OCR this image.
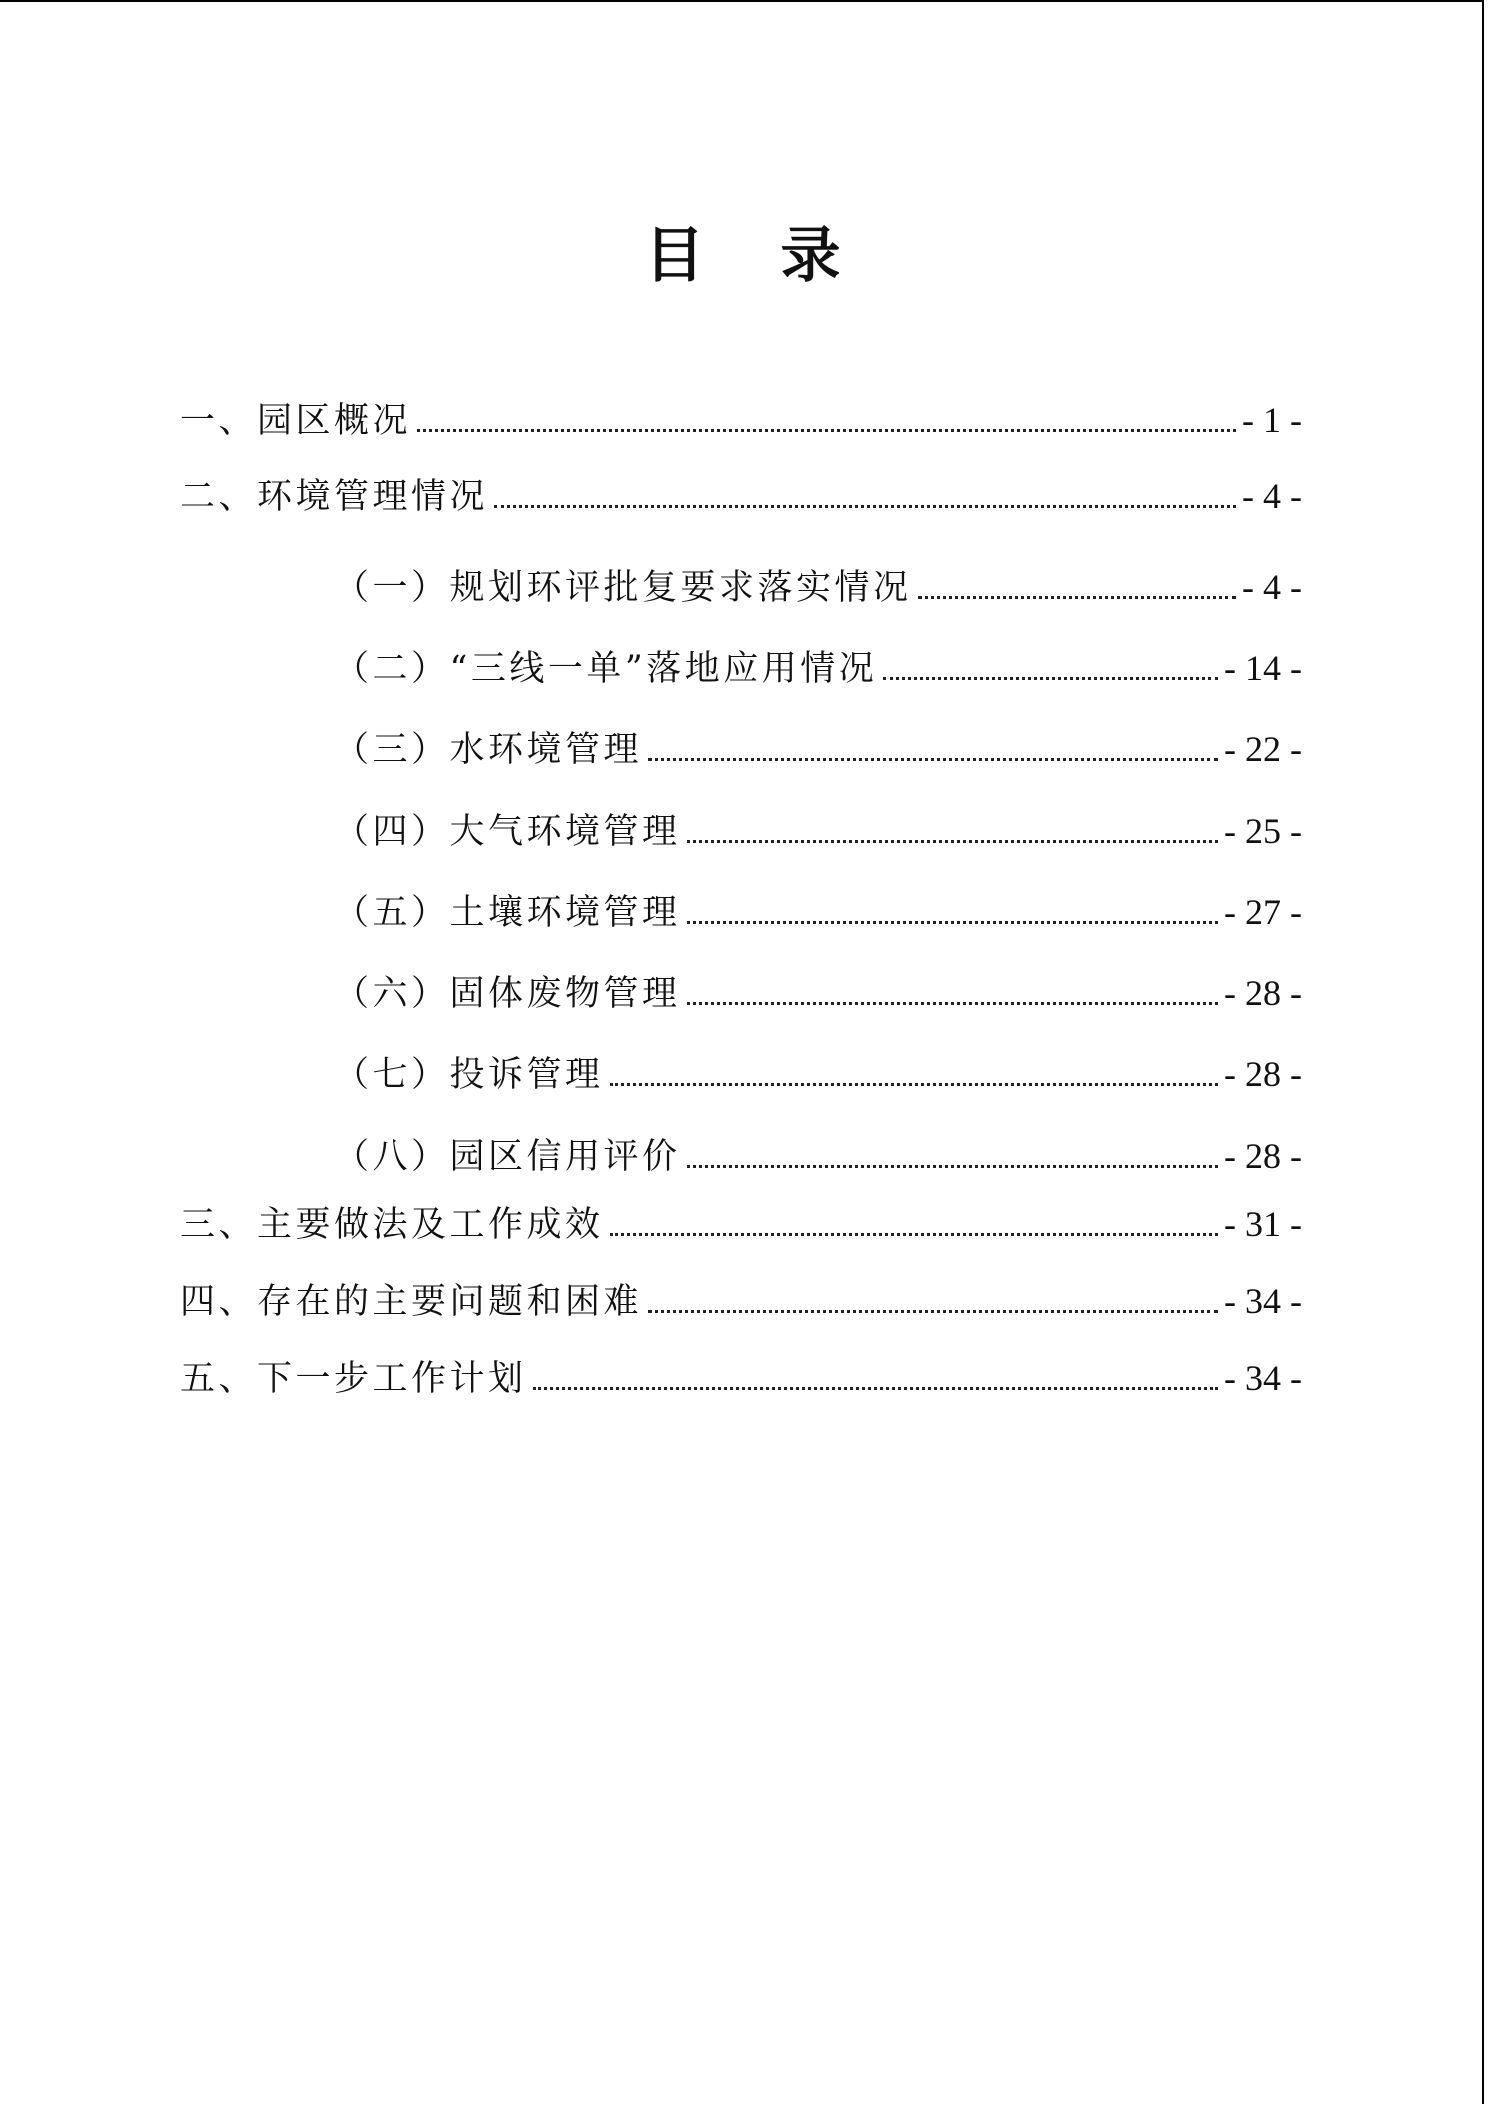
目 录
一、园区概况	- 1 -
二、环境管理情况	- 4 -
（一）规划环评批复要求落实情况	- 4 -
（二）“三线一单”落地应用情况	- 14 -
（三）水环境管理	- 22 -
（四）大气环境管理	- 25 -
（五）土壤环境管理	- 27 -
（六）固体废物管理	- 28 -
（七）投诉管理	- 28 -
（八）园区信用评价	- 28 -
三、主要做法及工作成效	- 31 -
四、存在的主要问题和困难	- 34 -
五、下一步工作计划	- 34 -
